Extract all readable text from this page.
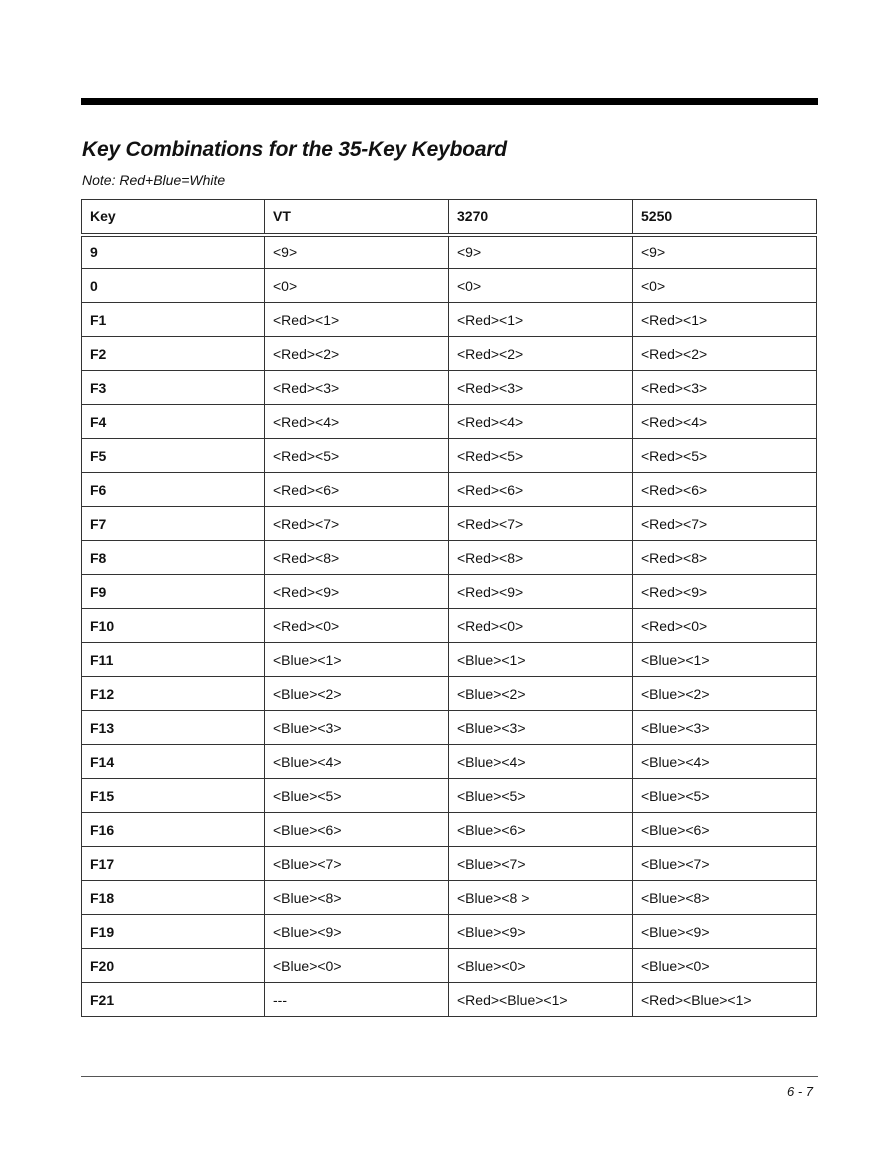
Key Combinations for the 35-Key Keyboard
Note: Red+Blue=White
Key	VT	3270	5250
9	<9>	<9>	<9>
0	<0>	<0>	<0>
F1	<Red><1>	<Red><1>	<Red><1>
F2	<Red><2>	<Red><2>	<Red><2>
F3	<Red><3>	<Red><3>	<Red><3>
F4	<Red><4>	<Red><4>	<Red><4>
F5	<Red><5>	<Red><5>	<Red><5>
F6	<Red><6>	<Red><6>	<Red><6>
F7	<Red><7>	<Red><7>	<Red><7>
F8	<Red><8>	<Red><8>	<Red><8>
F9	<Red><9>	<Red><9>	<Red><9>
F10	<Red><0>	<Red><0>	<Red><0>
F11	<Blue><1>	<Blue><1>	<Blue><1>
F12	<Blue><2>	<Blue><2>	<Blue><2>
F13	<Blue><3>	<Blue><3>	<Blue><3>
F14	<Blue><4>	<Blue><4>	<Blue><4>
F15	<Blue><5>	<Blue><5>	<Blue><5>
F16	<Blue><6>	<Blue><6>	<Blue><6>
F17	<Blue><7>	<Blue><7>	<Blue><7>
F18	<Blue><8>	<Blue><8 >	<Blue><8>
F19	<Blue><9>	<Blue><9>	<Blue><9>
F20	<Blue><0>	<Blue><0>	<Blue><0>
F21	---	<Red><Blue><1>	<Red><Blue><1>
6 - 7
